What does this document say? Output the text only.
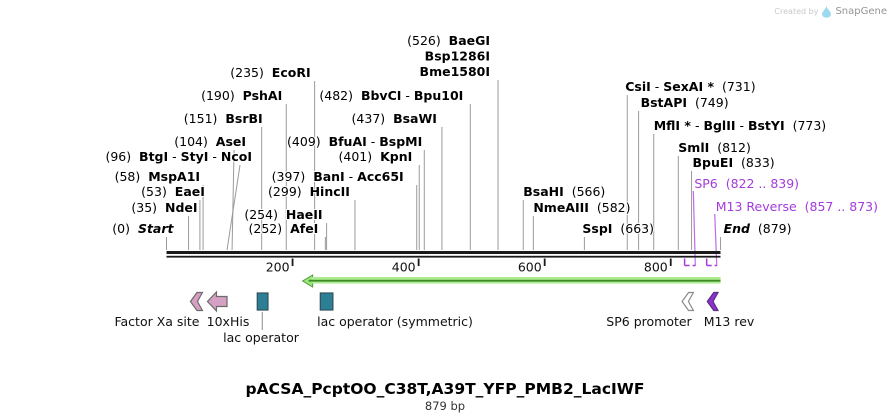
Created by SnapGene
200	400	600	800
Factor Xa site 10xHis
lac operator
lac operator (symmetric)	SP6 promoter M13 rev
(0)  Start
(35)  NdeI
(53)  EaeI
(58)  MspA1I
(96)  BtgI - StyI - NcoI
(104)  AseI
(151)  BsrBI
(190)  PshAI
(235)  EcoRI
(252)  AfeI
(254)  HaeII
(299)  HincII
(397)  BanI - Acc65I
(401)  KpnI
(409)  BfuAI - BspMI
(437)  BsaWI
(482)  BbvCI - Bpu10I
(526)  BaeGI
Bsp1286I
Bme1580I
BsaHI  (566)
NmeAIII  (582)
SspI  (663)
CsiI - SexAI *  (731)
BstAPI  (749)
MflI * - BglII - BstYI  (773)
SmlI  (812)
BpuEI  (833)
End  (879)
SP6  (822 .. 839)
M13 Reverse  (857 .. 873)
pACSA_PcptOO_C38T,A39T_YFP_PMB2_LacIWF
879 bp
